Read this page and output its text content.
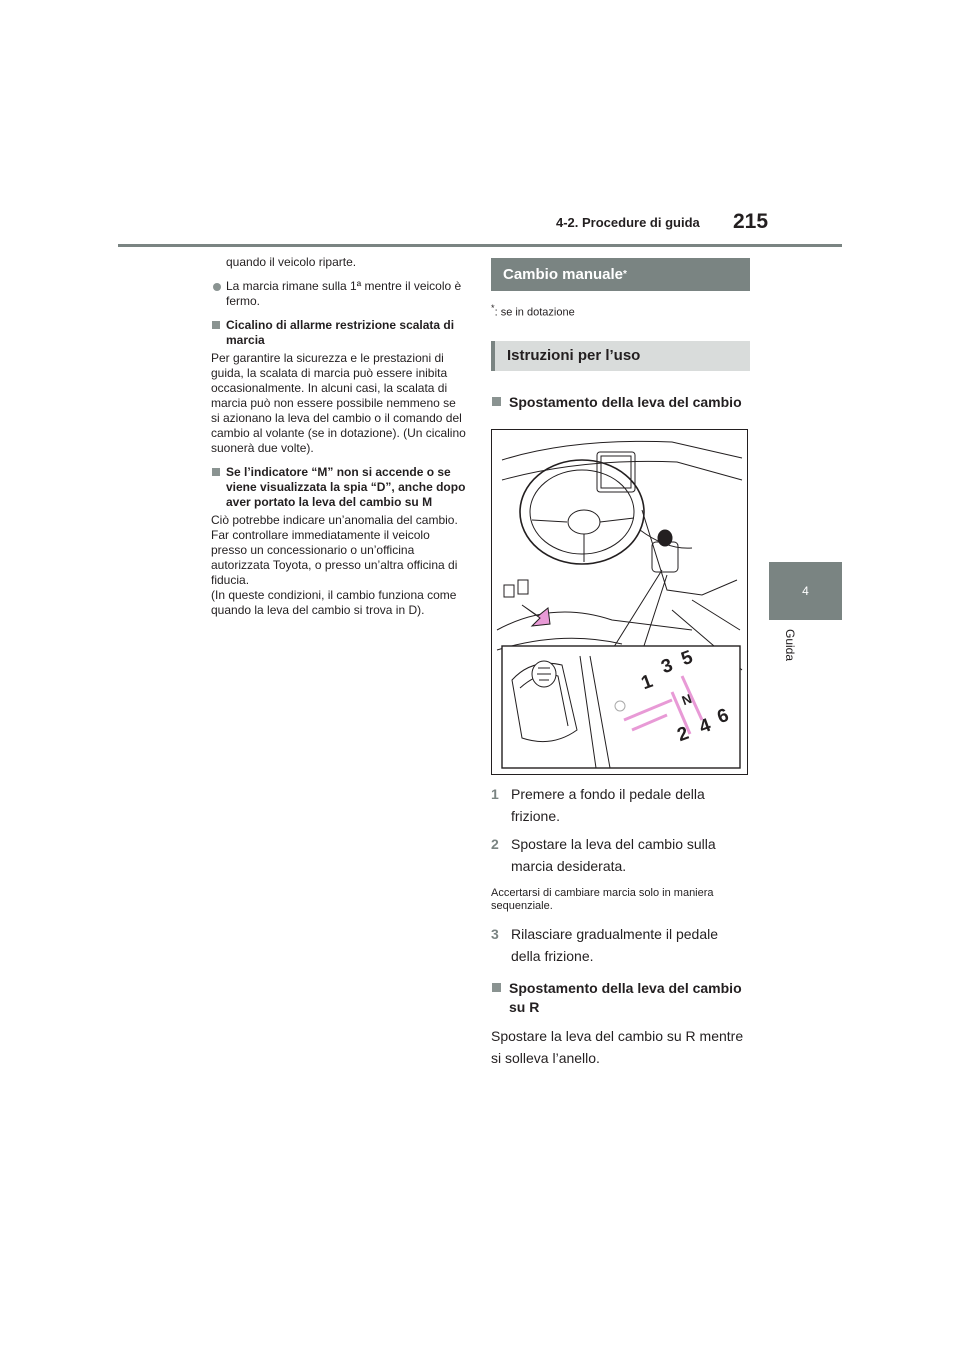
4-2. Procedure di guida 215
4
Guida

quando il veicolo riparte.

La marcia rimane sulla 1ª mentre il veicolo è fermo.

Cicalino di allarme restrizione scalata di marcia

Per garantire la sicurezza e le prestazioni di guida, la scalata di marcia può essere inibita occasionalmente. In alcuni casi, la scalata di marcia può non essere possibile nemmeno se si azionano la leva del cambio o il comando del cambio al volante (se in dotazione). (Un cicalino suonerà due volte).

Se l’indicatore “M” non si accende o se viene visualizzata la spia “D”, anche dopo aver portato la leva del cambio su M

Ciò potrebbe indicare un’anomalia del cambio. Far controllare immediatamente il veicolo presso un concessionario o un’officina autorizzata Toyota, o presso un’altra officina di fiducia.

(In queste condizioni, il cambio funziona come quando la leva del cambio si trova in D).

Cambio manuale *
*: se in dotazione
Istruzioni per l’uso
Spostamento della leva del cambio
1
3 5
N
2 4 6
1 Premere a fondo il pedale della frizione.
2 Spostare la leva del cambio sulla marcia desiderata.
Accertarsi di cambiare marcia solo in maniera sequenziale.
3 Rilasciare gradualmente il pedale della frizione.
Spostamento della leva del cambio su R
Spostare la leva del cambio su R mentre si solleva l’anello.
